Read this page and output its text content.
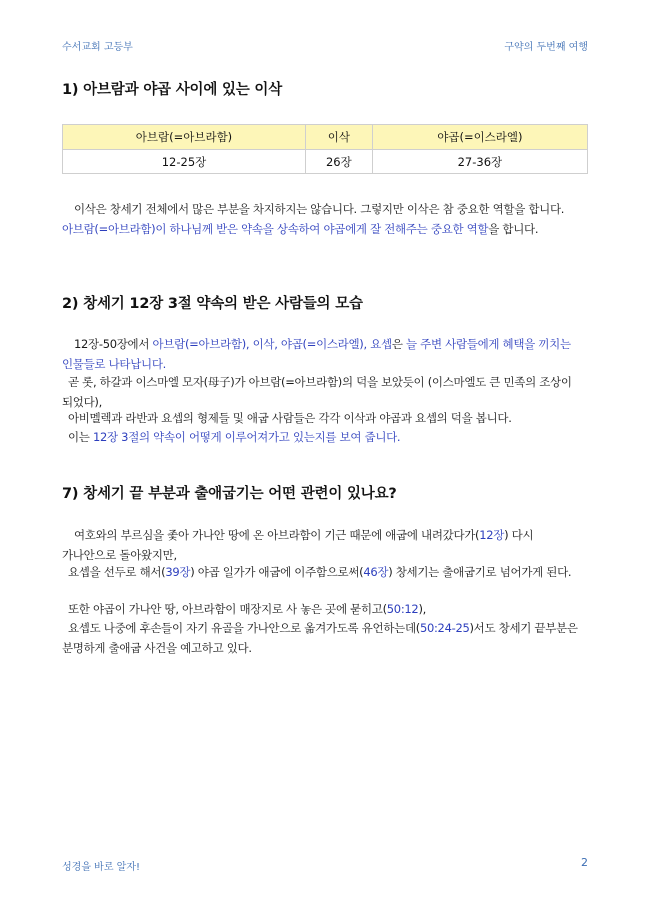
수서교회 고등부	구약의 두번째 여행
1) 아브람과 야곱 사이에 있는 이삭
아브람(=아브라함)	이삭	야곱(=이스라엘)
12-25장	26장	27-36장
이삭은 창세기 전체에서 많은 부분을 차지하지는 않습니다. 그렇지만 이삭은 참 중요한 역할을 합니다. 아브람(=아브라함)이 하나님께 받은 약속을 상속하여 야곱에게 잘 전해주는 중요한 역할을 합니다.
2) 창세기 12장 3절 약속의 받은 사람들의 모습
12장-50장에서 아브람(=아브라함), 이삭, 야곱(=이스라엘), 요셉은 늘 주변 사람들에게 혜택을 끼치는 인물들로 나타납니다.
곧 롯, 하갈과 이스마엘 모자(母子)가 아브람(=아브라함)의 덕을 보았듯이 (이스마엘도 큰 민족의 조상이 되었다),
아비멜렉과 라반과 요셉의 형제들 및 애굽 사람들은 각각 이삭과 야곱과 요셉의 덕을 봅니다.
이는 12장 3절의 약속이 어떻게 이루어져가고 있는지를 보여 줍니다.
7) 창세기 끝 부분과 출애굽기는 어떤 관련이 있나요?
여호와의 부르심을 좇아 가나안 땅에 온 아브라함이 기근 때문에 애굽에 내려갔다가(12장) 다시 가나안으로 돌아왔지만,
요셉을 선두로 해서(39장) 야곱 일가가 애굽에 이주함으로써(46장) 창세기는 출애굽기로 넘어가게 된다.
또한 야곱이 가나안 땅, 아브라함이 매장지로 사 놓은 곳에 묻히고(50:12),
요셉도 나중에 후손들이 자기 유골을 가나안으로 옮겨가도록 유언하는데(50:24-25)서도 창세기 끝부분은 분명하게 출애굽 사건을 예고하고 있다.
성경을 바로 알자!	2
